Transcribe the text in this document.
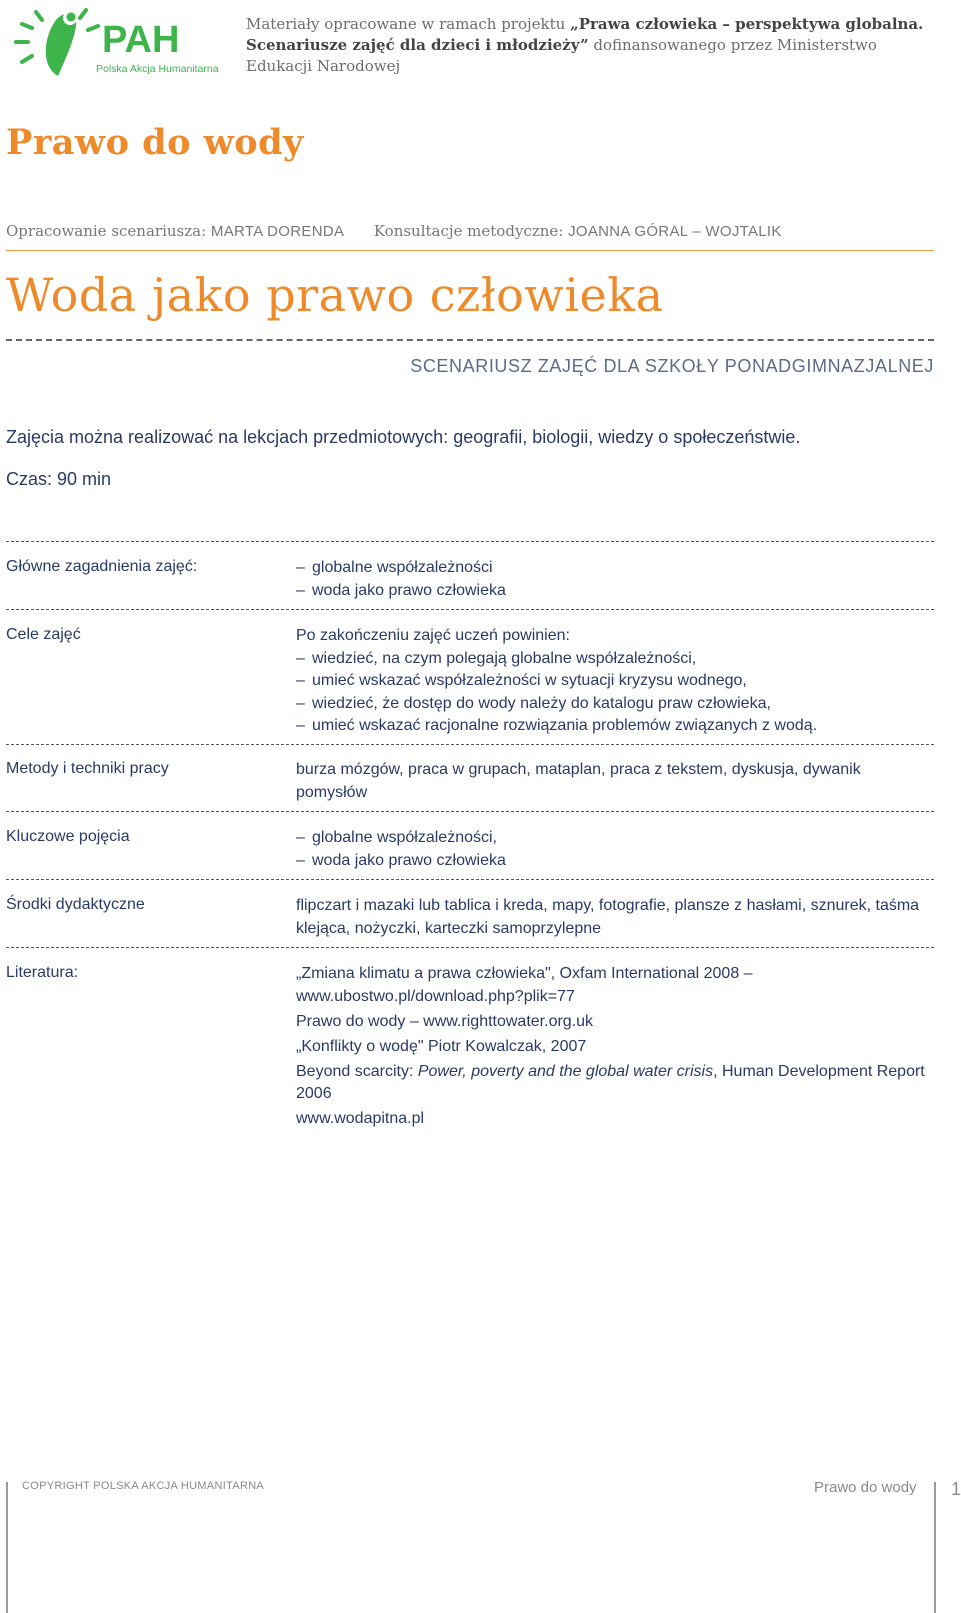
PAH
Polska Akcja Humanitarna
Materiały opracowane w ramach projektu „Prawa człowieka – perspektywa globalna. Scenariusze zajęć dla dzieci i młodzieży” dofinansowanego przez Ministerstwo Edukacji Narodowej
Prawo do wody
Opracowanie scenariusza: MARTA DORENDA Konsultacje metodyczne: JOANNA GÓRAL – WOJTALIK
Woda jako prawo człowieka
SCENARIUSZ ZAJĘĆ DLA SZKOŁY PONADGIMNAZJALNEJ
Zajęcia można realizować na lekcjach przedmiotowych: geografii, biologii, wiedzy o społeczeństwie.
Czas: 90 min
Główne zagadnienia zajęć:	– globalne współzależności
– woda jako prawo człowieka
Cele zajęć	Po zakończeniu zajęć uczeń powinien:
– wiedzieć, na czym polegają globalne współzależności,
– umieć wskazać współzależności w sytuacji kryzysu wodnego,
– wiedzieć, że dostęp do wody należy do katalogu praw człowieka,
– umieć wskazać racjonalne rozwiązania problemów związanych z wodą.
Metody i techniki pracy	burza mózgów, praca w grupach, mataplan, praca z tekstem, dyskusja, dywanik pomysłów
Kluczowe pojęcia	– globalne współzależności,
– woda jako prawo człowieka
Środki dydaktyczne	flipczart i mazaki lub tablica i kreda, mapy, fotografie, plansze z hasłami, sznurek, taśma klejąca, nożyczki, karteczki samoprzylepne
Literatura:	„Zmiana klimatu a prawa człowieka", Oxfam International 2008 – www.ubostwo.pl/download.php?plik=77

Prawo do wody – www.righttowater.org.uk

„Konflikty o wodę" Piotr Kowalczak, 2007

Beyond scarcity: Power, poverty and the global water crisis, Human Development Report 2006

www.wodapitna.pl

COPYRIGHT POLSKA AKCJA HUMANITARNA	Prawo do wody 1
